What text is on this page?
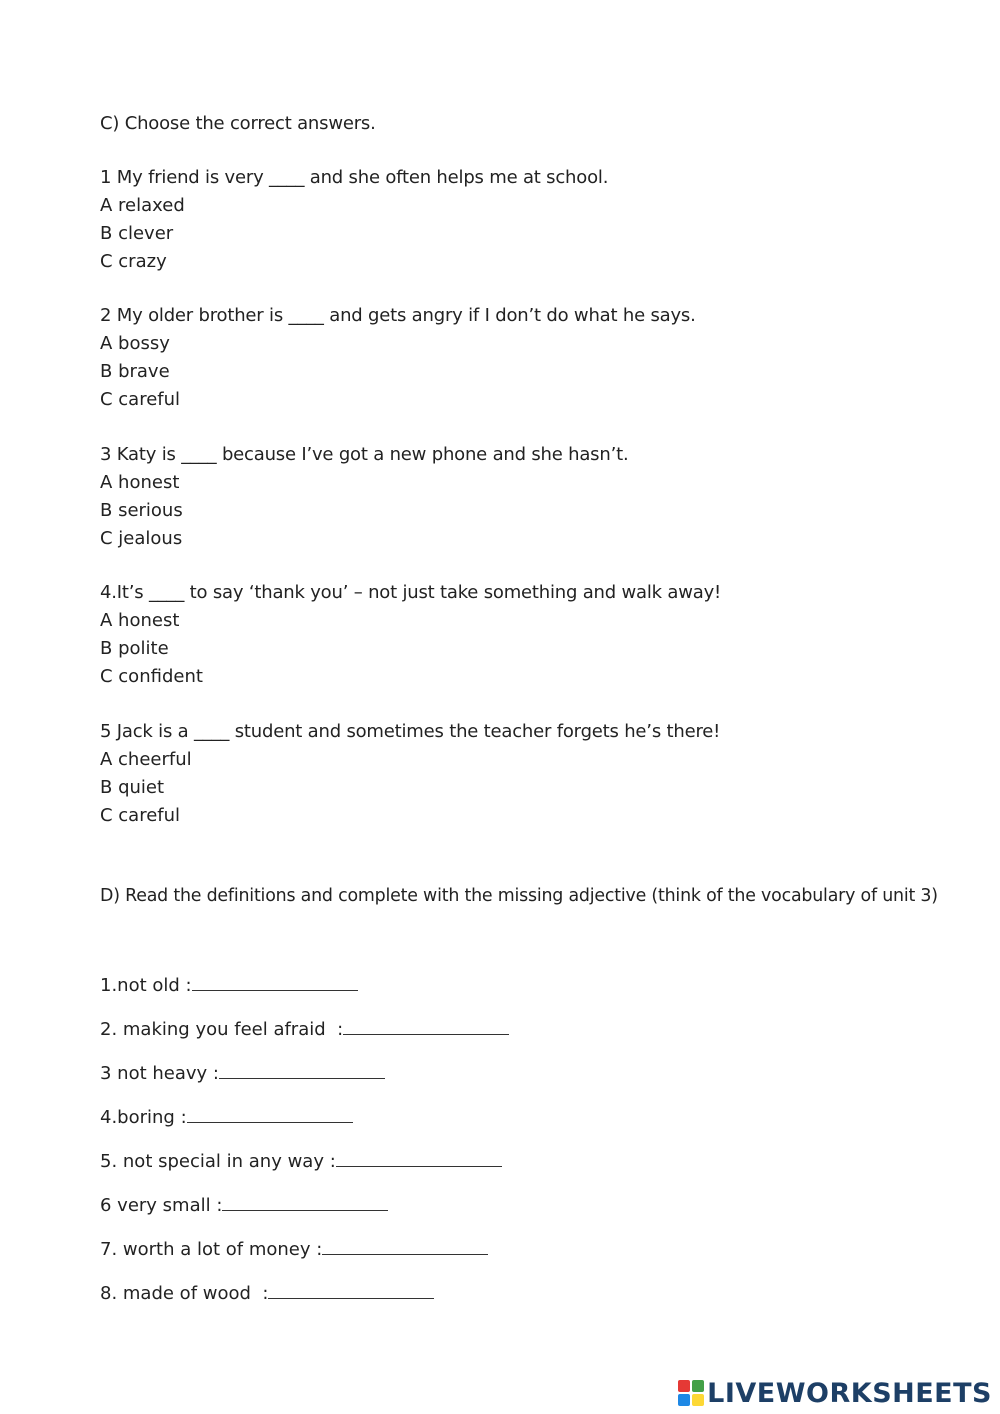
C) Choose the correct answers.
1 My friend is very ____ and she often helps me at school.
A relaxed
B clever
C crazy
2 My older brother is ____ and gets angry if I don’t do what he says.
A bossy
B brave
C careful
3 Katy is ____ because I’ve got a new phone and she hasn’t.
A honest
B serious
C jealous
4.It’s ____ to say ‘thank you’ – not just take something and walk away!
A honest
B polite
C confident
5 Jack is a ____ student and sometimes the teacher forgets he’s there!
A cheerful
B quiet
C careful
D) Read the definitions and complete with the missing adjective (think of the vocabulary of unit 3)
1.not old :
2. making you feel afraid  :
3 not heavy :
4.boring :
5. not special in any way :
6 very small :
7. worth a lot of money :
8. made of wood  :
LIVEWORKSHEETS
